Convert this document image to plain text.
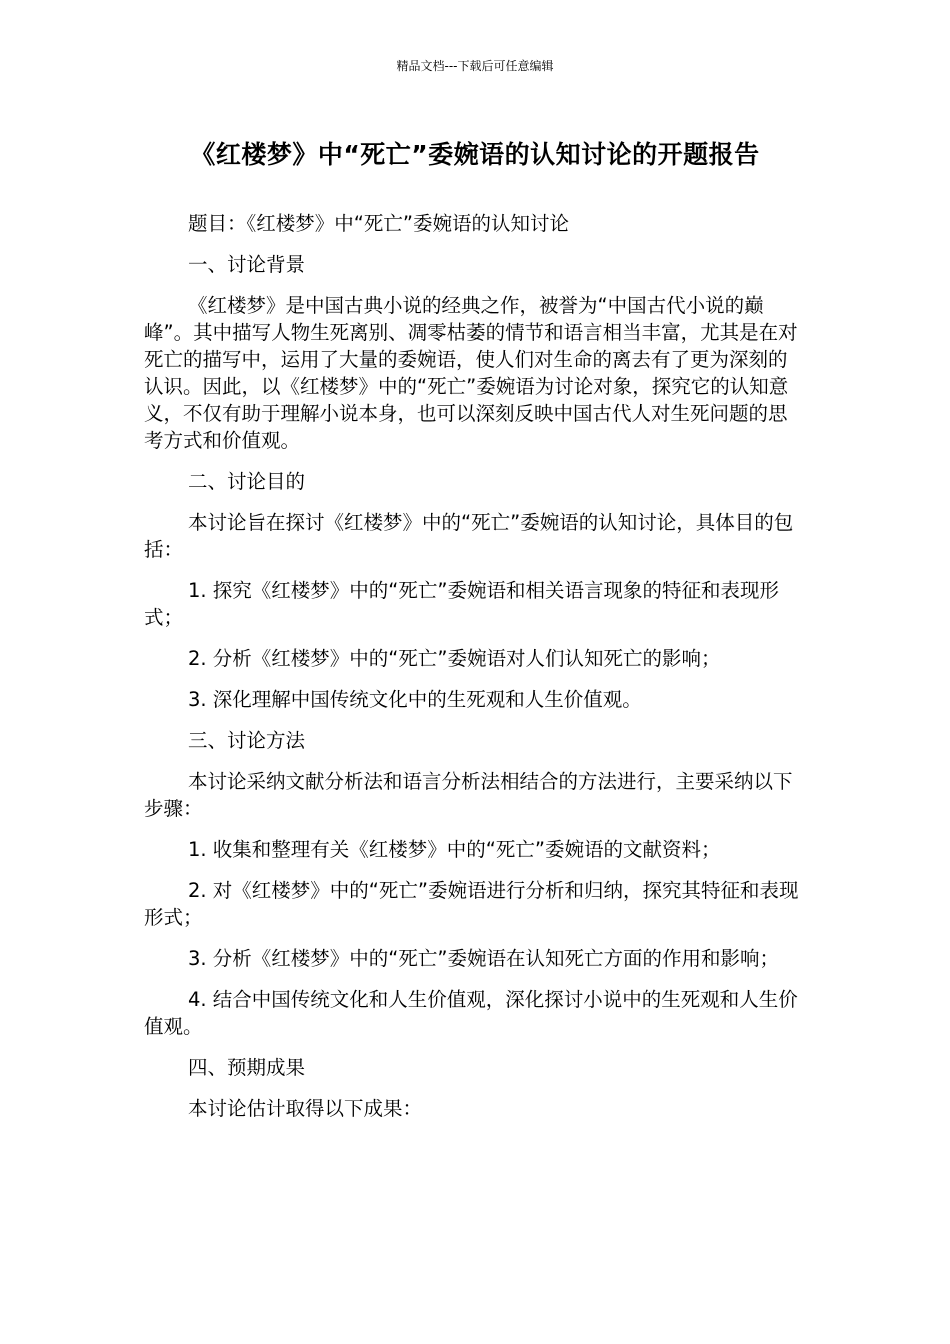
精品文档---下载后可任意编辑
《红楼梦》中“死亡”委婉语的认知讨论的开题报告

题目：《红楼梦》中“死亡”委婉语的认知讨论

一、讨论背景

《红楼梦》是中国古典小说的经典之作，被誉为“中国古代小说的巅峰”。其中描写人物生死离别、凋零枯萎的情节和语言相当丰富，尤其是在对死亡的描写中，运用了大量的委婉语，使人们对生命的离去有了更为深刻的认识。因此，以《红楼梦》中的“死亡”委婉语为讨论对象，探究它的认知意义，不仅有助于理解小说本身，也可以深刻反映中国古代人对生死问题的思考方式和价值观。

二、讨论目的

本讨论旨在探讨《红楼梦》中的“死亡”委婉语的认知讨论，具体目的包括：

1. 探究《红楼梦》中的“死亡”委婉语和相关语言现象的特征和表现形式；

2. 分析《红楼梦》中的“死亡”委婉语对人们认知死亡的影响；

3. 深化理解中国传统文化中的生死观和人生价值观。

三、讨论方法

本讨论采纳文献分析法和语言分析法相结合的方法进行，主要采纳以下步骤：

1. 收集和整理有关《红楼梦》中的“死亡”委婉语的文献资料；

2. 对《红楼梦》中的“死亡”委婉语进行分析和归纳，探究其特征和表现形式；

3. 分析《红楼梦》中的“死亡”委婉语在认知死亡方面的作用和影响；

4. 结合中国传统文化和人生价值观，深化探讨小说中的生死观和人生价值观。

四、预期成果

本讨论估计取得以下成果：
